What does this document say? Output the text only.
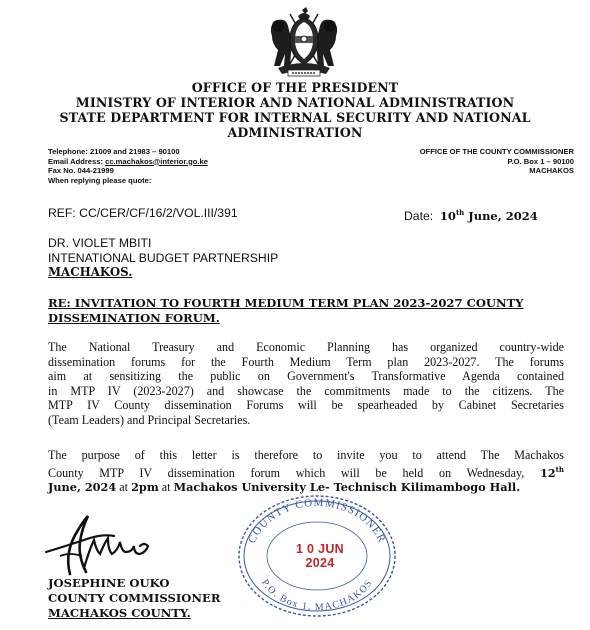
OFFICE OF THE PRESIDENT
MINISTRY OF INTERIOR AND NATIONAL ADMINISTRATION
STATE DEPARTMENT FOR INTERNAL SECURITY AND NATIONAL
ADMINISTRATION
Telephone: 21009 and 21983 – 90100
Email Address: cc.machakos@interior.go.ke
Fax No. 044-21999
When replying please quote:
OFFICE OF THE COUNTY COMMISSIONER
P.O. Box 1 – 90100
MACHAKOS
REF: CC/CER/CF/16/2/VOL.III/391	Date: 10th June, 2024
DR. VIOLET MBITI
INTENATIONAL BUDGET PARTNERSHIP
MACHAKOS.
RE: INVITATION TO FOURTH MEDIUM TERM PLAN 2023-2027 COUNTY
DISSEMINATION FORUM.
The National Treasury and Economic Planning has organized country-wide
dissemination forums for the Fourth Medium Term plan 2023-2027. The forums
aim at sensitizing the public on Government's Transformative Agenda contained
in MTP IV (2023-2027) and showcase the commitments made to the citizens. The
MTP IV County dissemination Forums will be spearheaded by Cabinet Secretaries
(Team Leaders) and Principal Secretaries.
The purpose of this letter is therefore to invite you to attend The Machakos
County MTP IV dissemination forum which will be held on Wednesday, 12th
June, 2024 at 2pm at Machakos University Le- Technisch Kilimambogo Hall.
JOSEPHINE OUKO
COUNTY COMMISSIONER
MACHAKOS COUNTY.
COUNTY COMMISSIONER
P.O. Box 1, MACHAKOS
1 0 JUN 2024
